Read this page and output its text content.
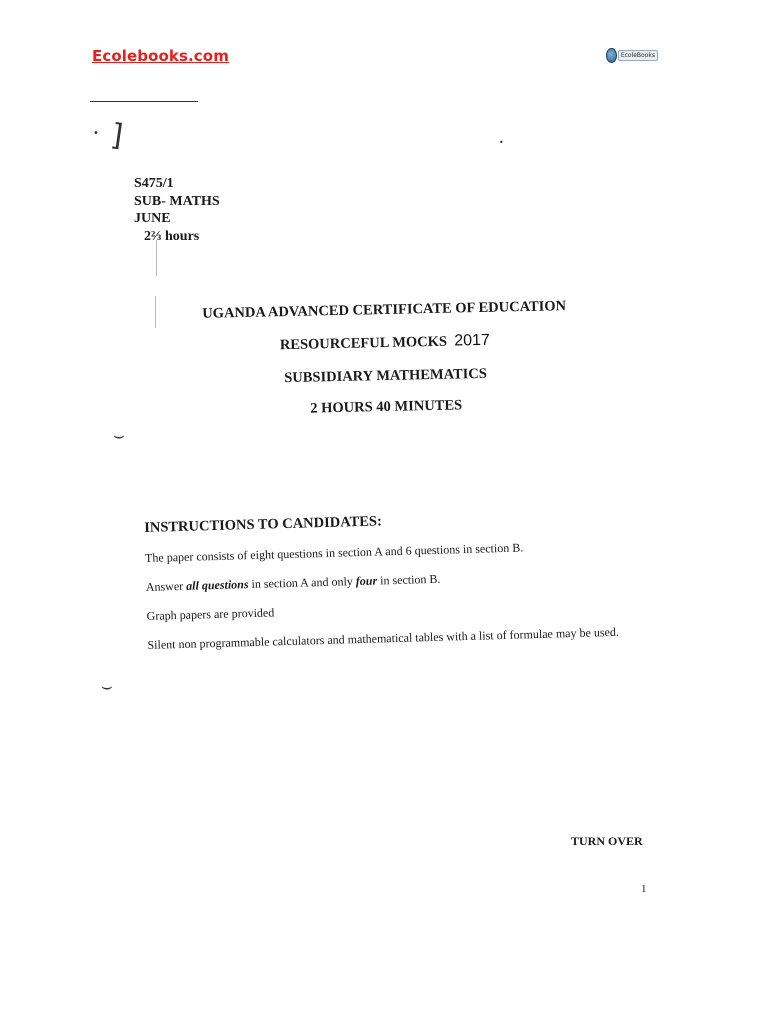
Ecolebooks.com	EcoleBooks
]
•
•
⌣
⌣
S475/1
SUB- MATHS
JUNE
2⅔ hours
UGANDA ADVANCED CERTIFICATE OF EDUCATION
RESOURCEFUL MOCKS 2017
SUBSIDIARY MATHEMATICS
2 HOURS 40 MINUTES
INSTRUCTIONS TO CANDIDATES:
The paper consists of eight questions in section A and 6 questions in section B.
Answer all questions in section A and only four in section B.
Graph papers are provided
Silent non programmable calculators and mathematical tables with a list of formulae may be used.
TURN OVER
1
